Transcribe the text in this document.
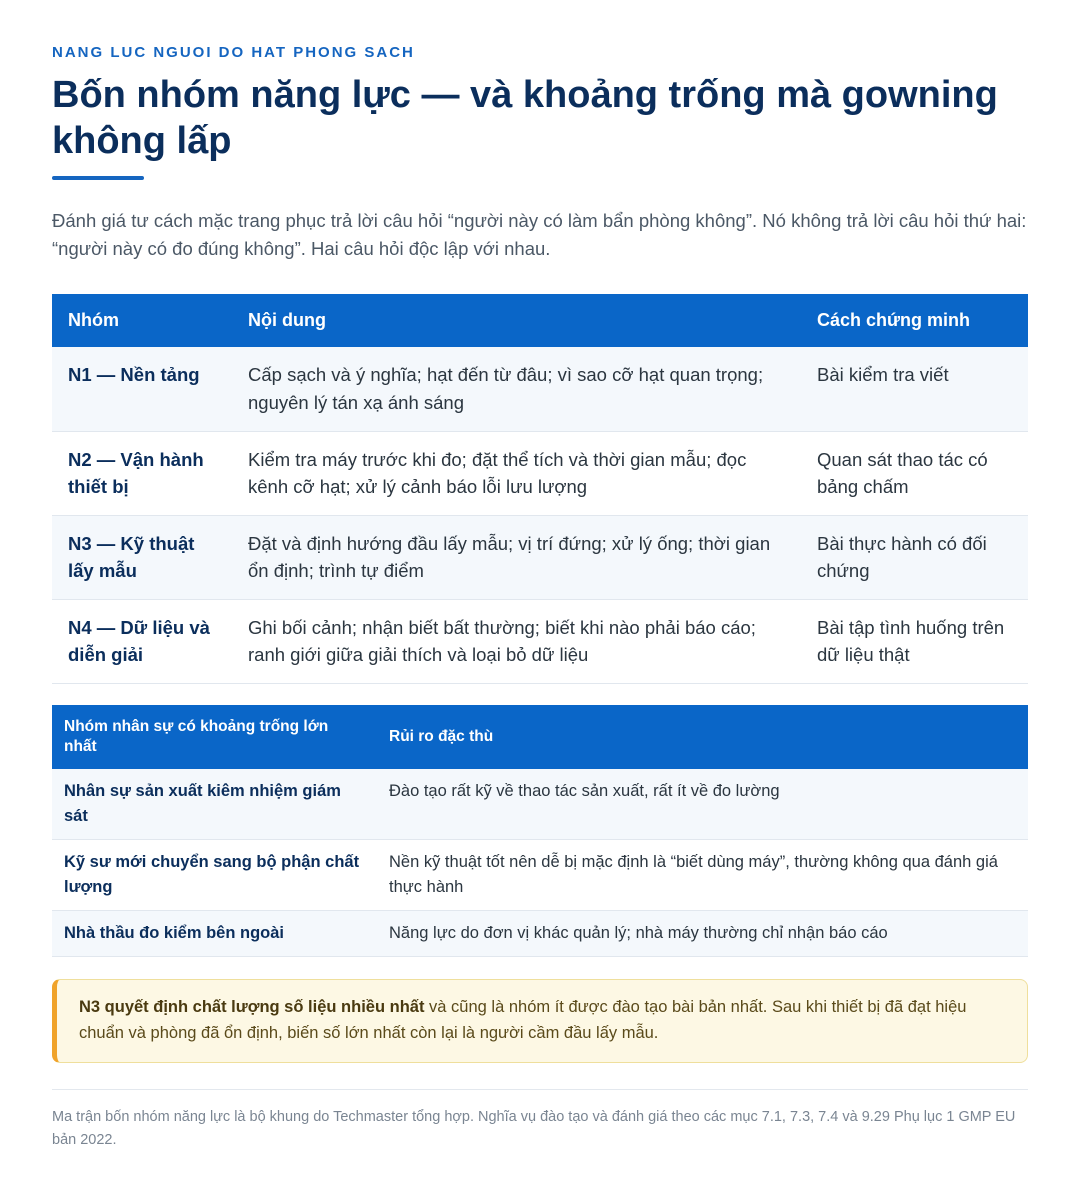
NANG LUC NGUOI DO HAT PHONG SACH
Bốn nhóm năng lực — và khoảng trống mà gowning không lấp

Đánh giá tư cách mặc trang phục trả lời câu hỏi “người này có làm bẩn phòng không”. Nó không trả lời câu hỏi thứ hai: “người này có đo đúng không”. Hai câu hỏi độc lập với nhau.

Nhóm	Nội dung	Cách chứng minh
N1 — Nền tảng	Cấp sạch và ý nghĩa; hạt đến từ đâu; vì sao cỡ hạt quan trọng; nguyên lý tán xạ ánh sáng	Bài kiểm tra viết
N2 — Vận hành thiết bị	Kiểm tra máy trước khi đo; đặt thể tích và thời gian mẫu; đọc kênh cỡ hạt; xử lý cảnh báo lỗi lưu lượng	Quan sát thao tác có bảng chấm
N3 — Kỹ thuật lấy mẫu	Đặt và định hướng đầu lấy mẫu; vị trí đứng; xử lý ống; thời gian ổn định; trình tự điểm	Bài thực hành có đối chứng
N4 — Dữ liệu và diễn giải	Ghi bối cảnh; nhận biết bất thường; biết khi nào phải báo cáo; ranh giới giữa giải thích và loại bỏ dữ liệu	Bài tập tình huống trên dữ liệu thật
Nhóm nhân sự có khoảng trống lớn nhất	Rủi ro đặc thù
Nhân sự sản xuất kiêm nhiệm giám sát	Đào tạo rất kỹ về thao tác sản xuất, rất ít về đo lường
Kỹ sư mới chuyển sang bộ phận chất lượng	Nền kỹ thuật tốt nên dễ bị mặc định là “biết dùng máy”, thường không qua đánh giá thực hành
Nhà thầu đo kiểm bên ngoài	Năng lực do đơn vị khác quản lý; nhà máy thường chỉ nhận báo cáo
N3 quyết định chất lượng số liệu nhiều nhất và cũng là nhóm ít được đào tạo bài bản nhất. Sau khi thiết bị đã đạt hiệu chuẩn và phòng đã ổn định, biến số lớn nhất còn lại là người cầm đầu lấy mẫu.

Ma trận bốn nhóm năng lực là bộ khung do Techmaster tổng hợp. Nghĩa vụ đào tạo và đánh giá theo các mục 7.1, 7.3, 7.4 và 9.29 Phụ lục 1 GMP EU bản 2022.
